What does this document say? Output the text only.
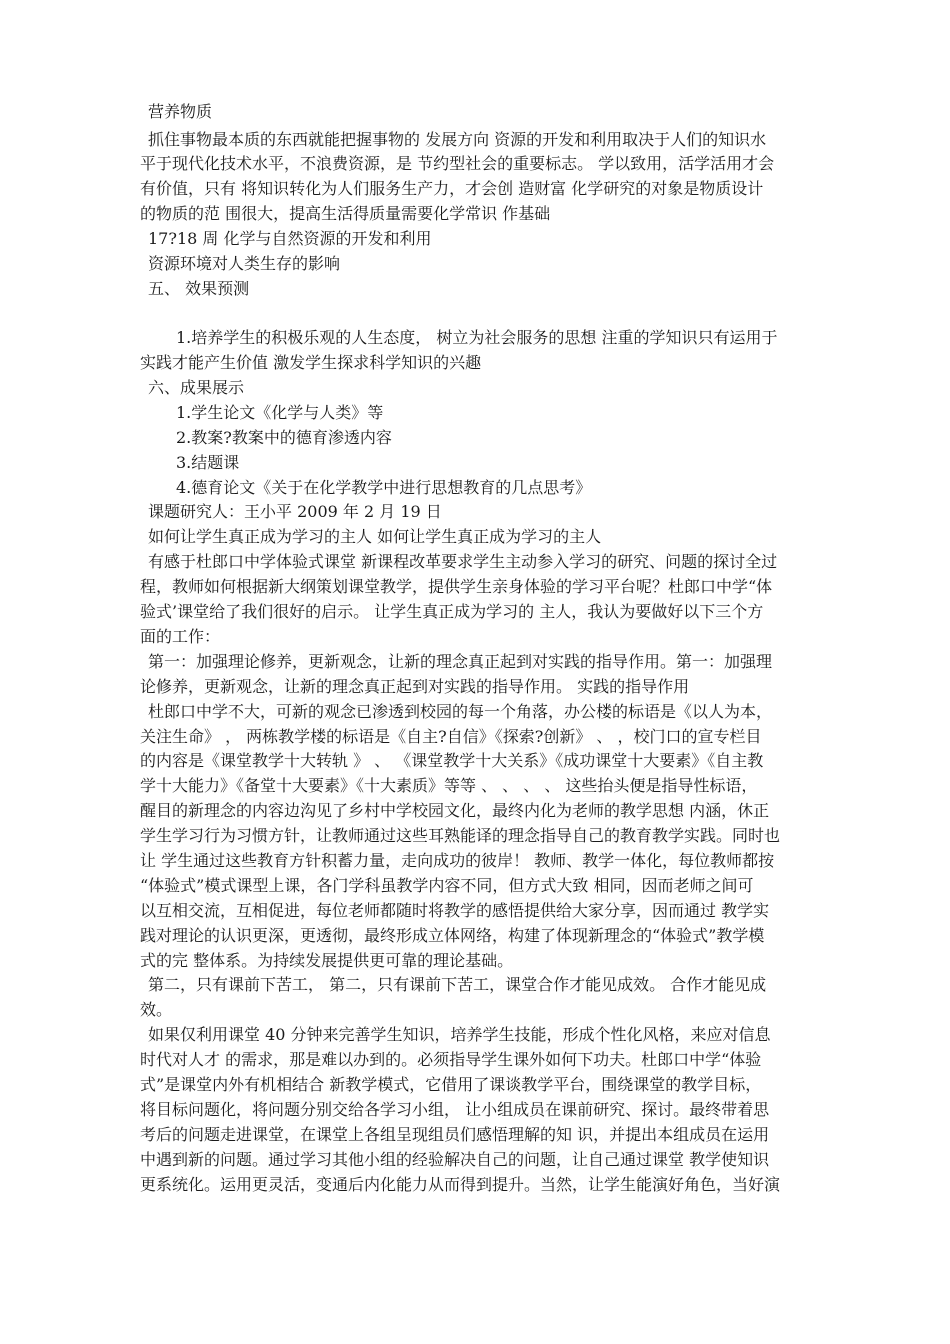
营养物质
抓住事物最本质的东西就能把握事物的 发展方向 资源的开发和利用取决于人们的知识水
平于现代化技术水平，不浪费资源，是 节约型社会的重要标志。 学以致用，活学活用才会
有价值，只有 将知识转化为人们服务生产力，才会创 造财富 化学研究的对象是物质设计
的物质的范 围很大，提高生活得质量需要化学常识 作基础
17?18 周 化学与自然资源的开发和利用
资源环境对人类生存的影响
五、 效果预测
1.培养学生的积极乐观的人生态度， 树立为社会服务的思想 注重的学知识只有运用于
实践才能产生价值 激发学生探求科学知识的兴趣
六、成果展示
1.学生论文《化学与人类》等
2.教案?教案中的德育渗透内容
3.结题课
4.德育论文《关于在化学教学中进行思想教育的几点思考》
课题研究人：王小平 2009 年 2 月 19 日
如何让学生真正成为学习的主人 如何让学生真正成为学习的主人
有感于杜郎口中学体验式课堂 新课程改革要求学生主动参入学习的研究、问题的探讨全过
程，教师如何根据新大纲策划课堂教学，提供学生亲身体验的学习平台呢？杜郎口中学“体
验式’课堂给了我们很好的启示。 让学生真正成为学习的 主人，我认为要做好以下三个方
面的工作：
第一：加强理论修养，更新观念，让新的理念真正起到对实践的指导作用。第一：加强理
论修养，更新观念，让新的理念真正起到对实践的指导作用。 实践的指导作用
杜郎口中学不大，可新的观念已渗透到校园的每一个角落，办公楼的标语是《以人为本，
关注生命》 ， 两栋教学楼的标语是《自主?自信》《探索?创新》 、 ，校门口的宣专栏目
的内容是《课堂教学十大转轨 》 、 《课堂教学十大关系》《成功课堂十大要素》《自主教
学十大能力》《备堂十大要素》《十大素质》等等 、 、 、 、 这些抬头便是指导性标语，
醒目的新理念的内容边沟见了乡村中学校园文化，最终内化为老师的教学思想 内涵，休正
学生学习行为习惯方针，让教师通过这些耳熟能译的理念指导自己的教育教学实践。同时也
让 学生通过这些教育方针积蓄力量，走向成功的彼岸！ 教师、教学一体化，每位教师都按
“体验式”模式课型上课，各门学科虽教学内容不同，但方式大致 相同，因而老师之间可
以互相交流，互相促进，每位老师都随时将教学的感悟提供给大家分享，因而通过 教学实
践对理论的认识更深，更透彻，最终形成立体网络，构建了体现新理念的“体验式”教学模
式的完 整体系。为持续发展提供更可靠的理论基础。
第二，只有课前下苦工， 第二，只有课前下苦工，课堂合作才能见成效。 合作才能见成
效。
如果仅利用课堂 40 分钟来完善学生知识，培养学生技能，形成个性化风格，来应对信息
时代对人才 的需求，那是难以办到的。必须指导学生课外如何下功夫。杜郎口中学“体验
式”是课堂内外有机相结合 新教学模式，它借用了课谈教学平台，围绕课堂的教学目标，
将目标问题化，将问题分别交给各学习小组， 让小组成员在课前研究、探讨。最终带着思
考后的问题走进课堂，在课堂上各组呈现组员们感悟理解的知 识，并提出本组成员在运用
中遇到新的问题。通过学习其他小组的经验解决自己的问题，让自己通过课堂 教学使知识
更系统化。运用更灵活，变通后内化能力从而得到提升。当然，让学生能演好角色，当好演
